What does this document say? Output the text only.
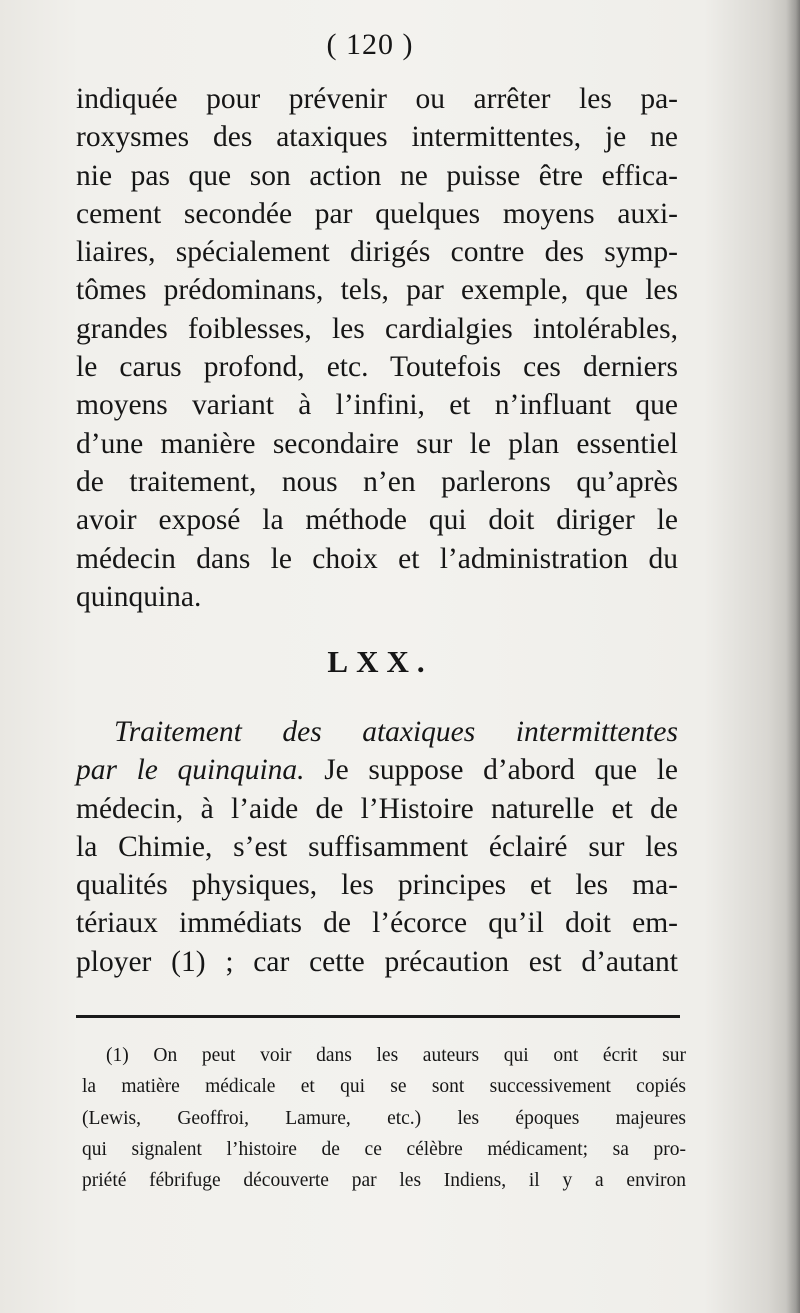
( 120 )
indiquée pour prévenir ou arrêter les pa-
roxysmes des ataxiques intermittentes, je ne
nie pas que son action ne puisse être effica-
cement secondée par quelques moyens auxi-
liaires, spécialement dirigés contre des symp-
tômes prédominans, tels, par exemple, que les
grandes foiblesses, les cardialgies intolérables,
le carus profond, etc. Toutefois ces derniers
moyens variant à l’infini, et n’influant que
d’une manière secondaire sur le plan essentiel
de traitement, nous n’en parlerons qu’après
avoir exposé la méthode qui doit diriger le
médecin dans le choix et l’administration du
quinquina.
LXX.
Traitement des ataxiques intermittentes
par le quinquina. Je suppose d’abord que le
médecin, à l’aide de l’Histoire naturelle et de
la Chimie, s’est suffisamment éclairé sur les
qualités physiques, les principes et les ma-
tériaux immédiats de l’écorce qu’il doit em-
ployer (1) ; car cette précaution est d’autant
(1) On peut voir dans les auteurs qui ont écrit sur
la matière médicale et qui se sont successivement copiés
(Lewis, Geoffroi, Lamure, etc.) les époques majeures
qui signalent l’histoire de ce célèbre médicament; sa pro-
priété fébrifuge découverte par les Indiens, il y a environ
